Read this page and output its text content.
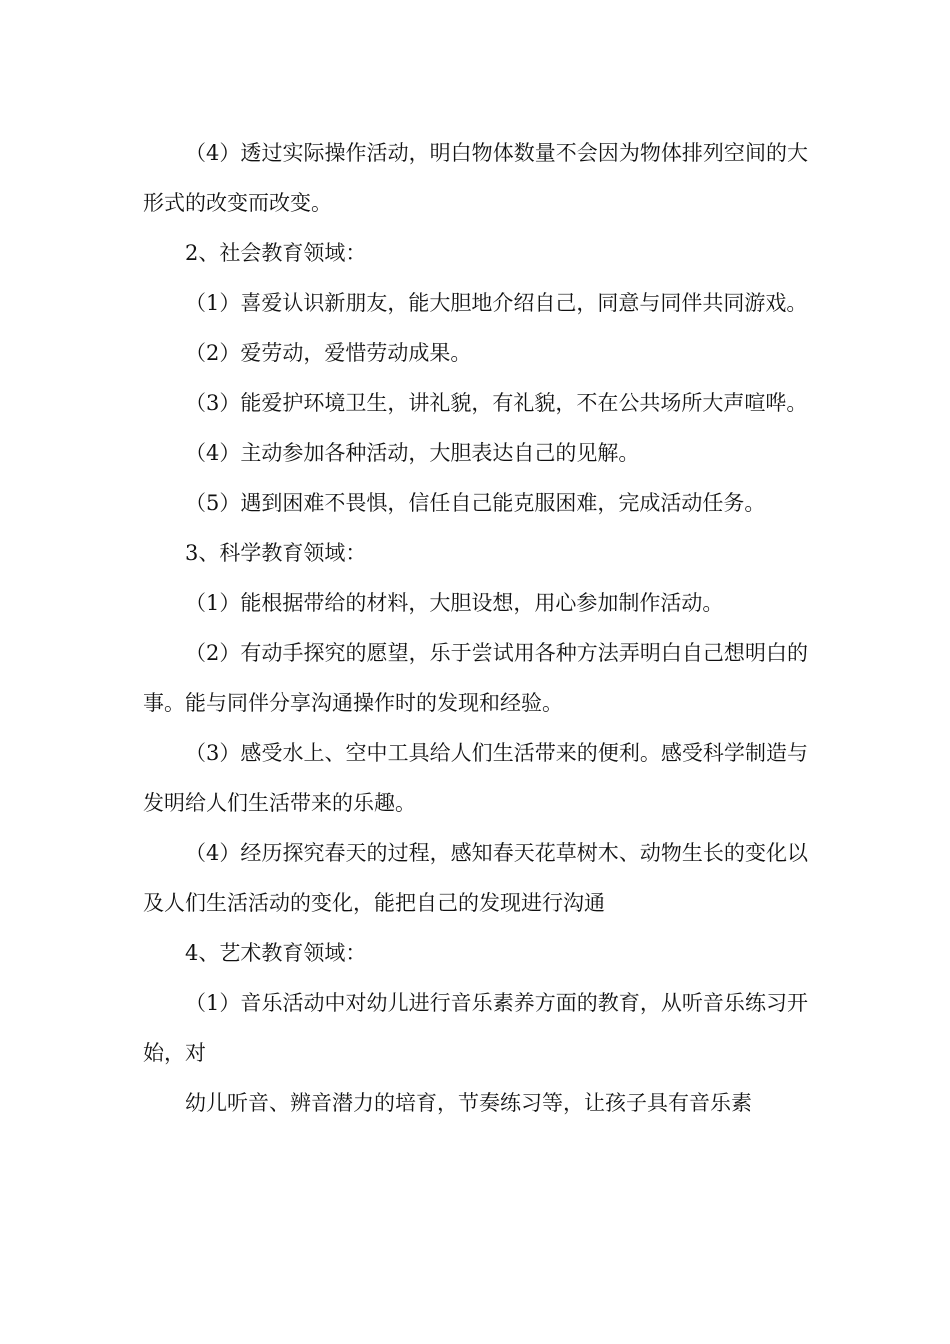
（4）透过实际操作活动，明白物体数量不会因为物体排列空间的大形式的改变而改变。

2、社会教育领域：

（1）喜爱认识新朋友，能大胆地介绍自己，同意与同伴共同游戏。

（2）爱劳动，爱惜劳动成果。

（3）能爱护环境卫生，讲礼貌，有礼貌，不在公共场所大声喧哗。

（4）主动参加各种活动，大胆表达自己的见解。

（5）遇到困难不畏惧，信任自己能克服困难，完成活动任务。

3、科学教育领域：

（1）能根据带给的材料，大胆设想，用心参加制作活动。

（2）有动手探究的愿望，乐于尝试用各种方法弄明白自己想明白的事。能与同伴分享沟通操作时的发现和经验。

（3）感受水上、空中工具给人们生活带来的便利。感受科学制造与发明给人们生活带来的乐趣。

（4）经历探究春天的过程，感知春天花草树木、动物生长的变化以及人们生活活动的变化，能把自己的发现进行沟通

4、艺术教育领域：

（1）音乐活动中对幼儿进行音乐素养方面的教育，从听音乐练习开始，对

幼儿听音、辨音潜力的培育，节奏练习等，让孩子具有音乐素
